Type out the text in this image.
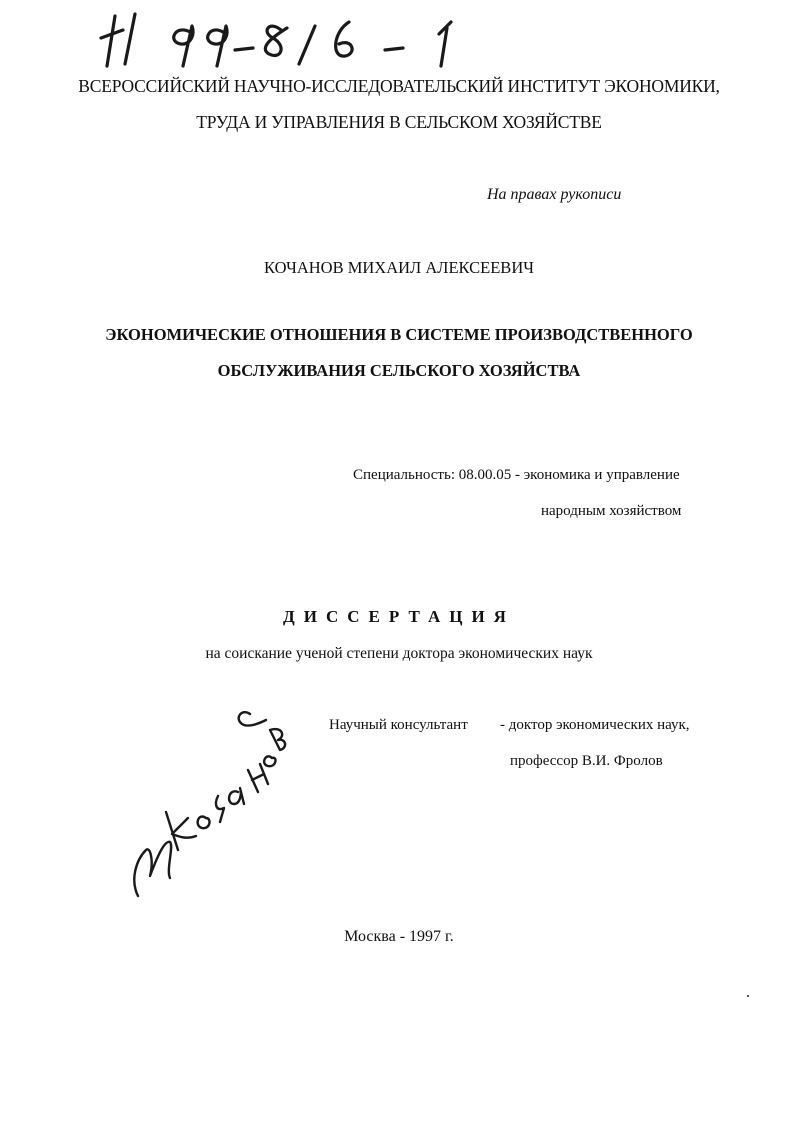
ВСЕРОССИЙСКИЙ НАУЧНО-ИССЛЕДОВАТЕЛЬСКИЙ ИНСТИТУТ ЭКОНОМИКИ,
ТРУДА И УПРАВЛЕНИЯ В СЕЛЬСКОМ ХОЗЯЙСТВЕ
На правах рукописи
КОЧАНОВ МИХАИЛ АЛЕКСЕЕВИЧ
ЭКОНОМИЧЕСКИЕ ОТНОШЕНИЯ В СИСТЕМЕ ПРОИЗВОДСТВЕННОГО
ОБСЛУЖИВАНИЯ СЕЛЬСКОГО ХОЗЯЙСТВА
Специальность: 08.00.05 - экономика и управление
народным хозяйством
ДИССЕРТАЦИЯ
на соискание ученой степени доктора экономических наук
Научный консультант - доктор экономических наук,
профессор В.И. Фролов
Москва - 1997 г.
